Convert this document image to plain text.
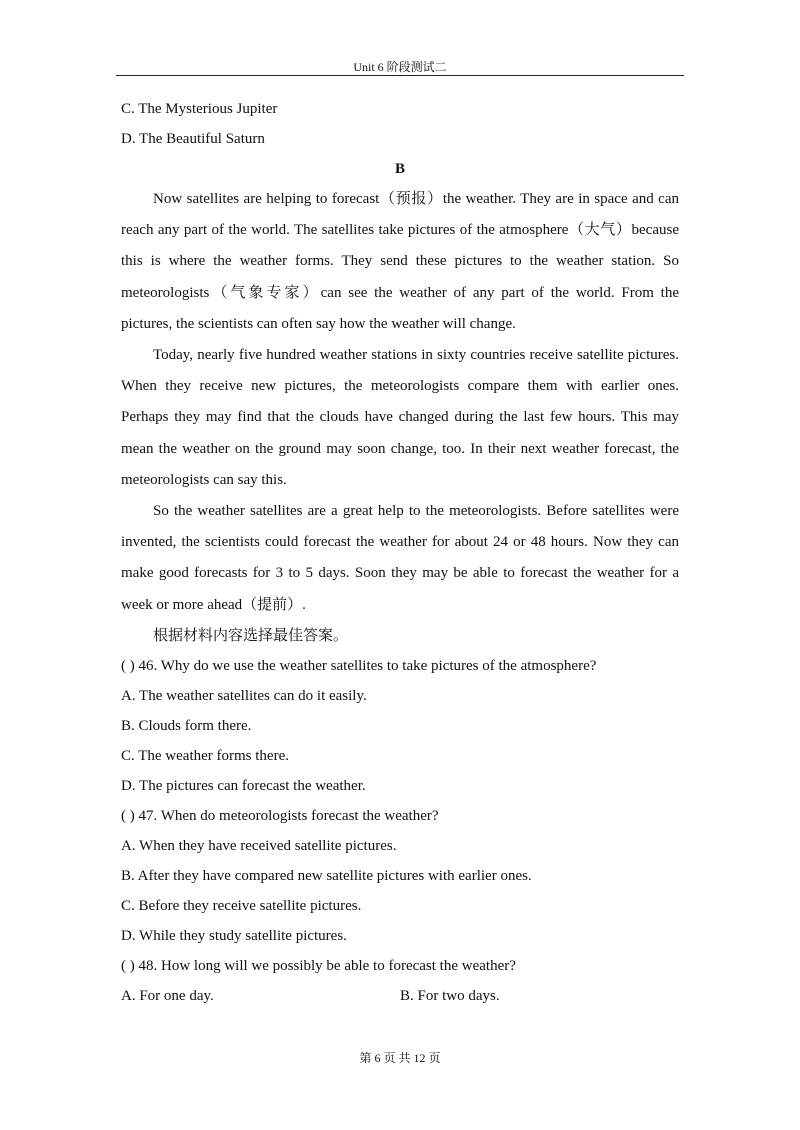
Unit 6 阶段测试二
C. The Mysterious Jupiter
D. The Beautiful Saturn
B
Now satellites are helping to forecast（预报）the weather. They are in space and can reach any part of the world. The satellites take pictures of the atmosphere（大气）because this is where the weather forms. They send these pictures to the weather station. So meteorologists（气象专家）can see the weather of any part of the world. From the pictures, the scientists can often say how the weather will change.
Today, nearly five hundred weather stations in sixty countries receive satellite pictures. When they receive new pictures, the meteorologists compare them with earlier ones. Perhaps they may find that the clouds have changed during the last few hours. This may mean the weather on the ground may soon change, too. In their next weather forecast, the meteorologists can say this.
So the weather satellites are a great help to the meteorologists. Before satellites were invented, the scientists could forecast the weather for about 24 or 48 hours. Now they can make good forecasts for 3 to 5 days. Soon they may be able to forecast the weather for a week or more ahead（提前）.
根据材料内容选择最佳答案。
( ) 46. Why do we use the weather satellites to take pictures of the atmosphere?
A. The weather satellites can do it easily.
B. Clouds form there.
C. The weather forms there.
D. The pictures can forecast the weather.
( ) 47. When do meteorologists forecast the weather?
A. When they have received satellite pictures.
B. After they have compared new satellite pictures with earlier ones.
C. Before they receive satellite pictures.
D. While they study satellite pictures.
( ) 48. How long will we possibly be able to forecast the weather?
A. For one day.	B. For two days.
第 6 页 共 12 页
